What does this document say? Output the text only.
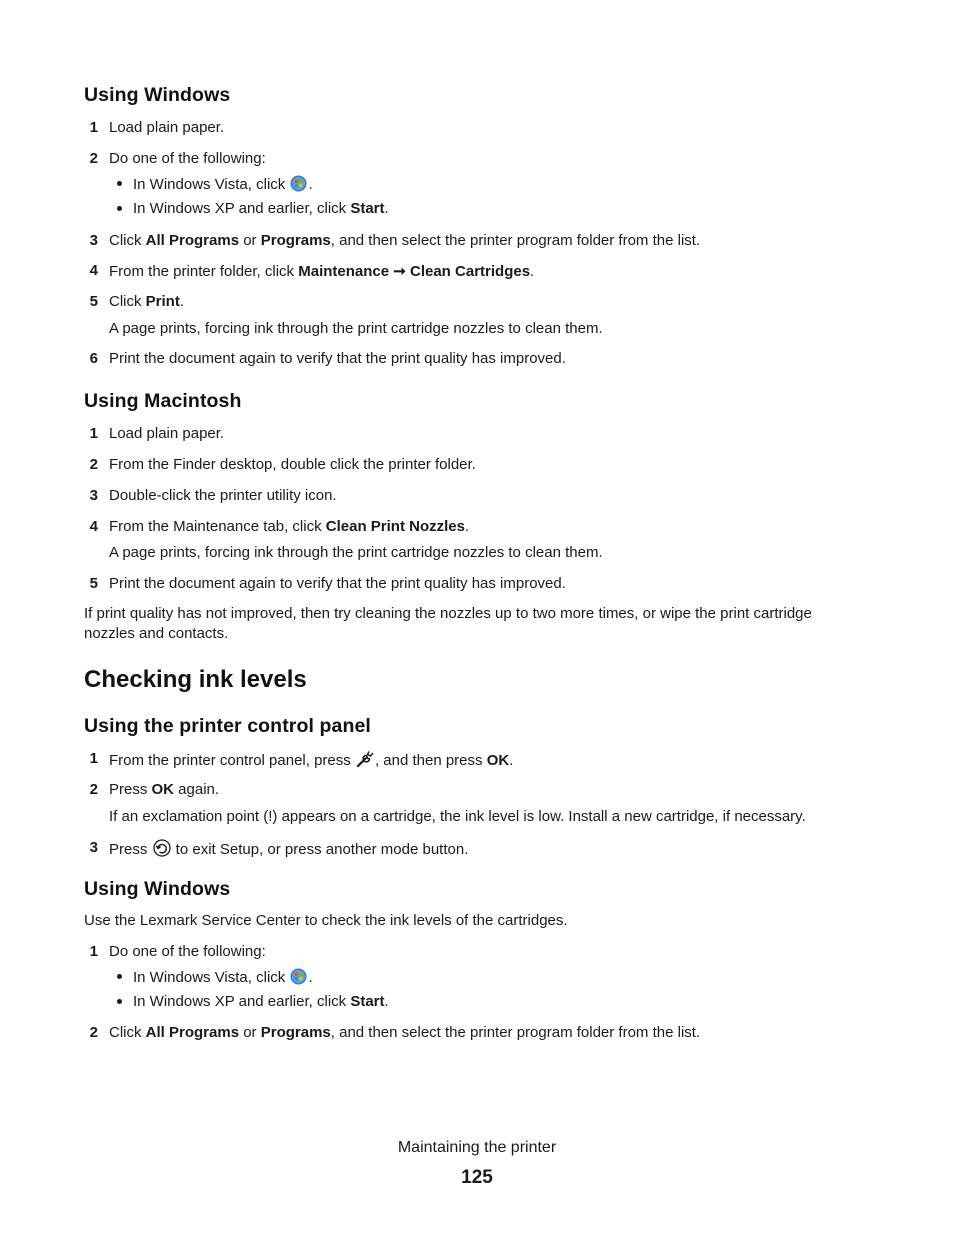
Using Windows
1 Load plain paper.
2 Do one of the following:
In Windows Vista, click .
In Windows XP and earlier, click Start.
3 Click All Programs or Programs, and then select the printer program folder from the list.
4 From the printer folder, click Maintenance ➞ Clean Cartridges.
5 Click Print.
A page prints, forcing ink through the print cartridge nozzles to clean them.
6 Print the document again to verify that the print quality has improved.
Using Macintosh
1 Load plain paper.
2 From the Finder desktop, double click the printer folder.
3 Double-click the printer utility icon.
4 From the Maintenance tab, click Clean Print Nozzles.
A page prints, forcing ink through the print cartridge nozzles to clean them.
5 Print the document again to verify that the print quality has improved.
If print quality has not improved, then try cleaning the nozzles up to two more times, or wipe the print cartridge
nozzles and contacts.
Checking ink levels
Using the printer control panel
1 From the printer control panel, press , and then press OK.
2 Press OK again.
If an exclamation point (!) appears on a cartridge, the ink level is low. Install a new cartridge, if necessary.
3 Press  to exit Setup, or press another mode button.
Using Windows
Use the Lexmark Service Center to check the ink levels of the cartridges.
1 Do one of the following:
In Windows Vista, click .
In Windows XP and earlier, click Start.
2 Click All Programs or Programs, and then select the printer program folder from the list.
Maintaining the printer
125
